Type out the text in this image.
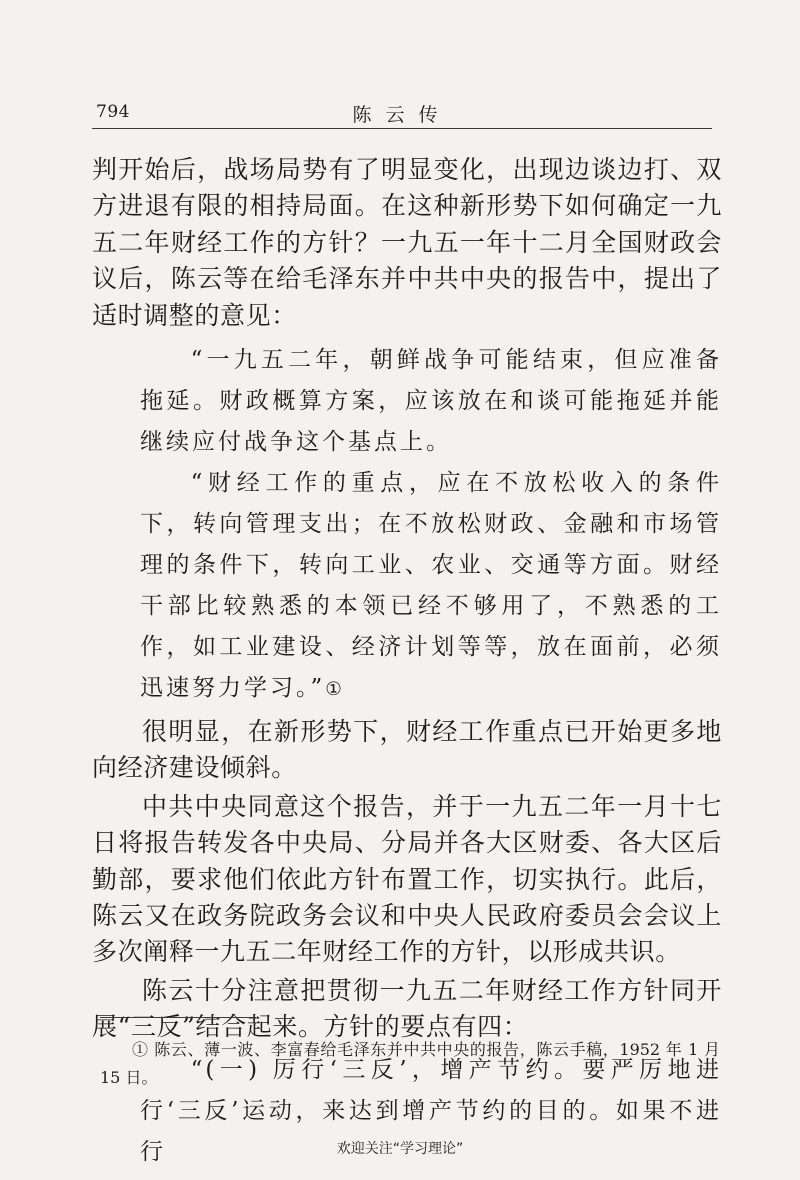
794	陈云传

判开始后，战场局势有了明显变化，出现边谈边打、双方进退有限的相持局面。在这种新形势下如何确定一九五二年财经工作的方针？一九五一年十二月全国财政会议后，陈云等在给毛泽东并中共中央的报告中，提出了适时调整的意见：

“一九五二年，朝鲜战争可能结束，但应准备拖延。财政概算方案，应该放在和谈可能拖延并能继续应付战争这个基点上。
“财经工作的重点，应在不放松收入的条件下，转向管理支出；在不放松财政、金融和市场管理的条件下，转向工业、农业、交通等方面。财经干部比较熟悉的本领已经不够用了，不熟悉的工作，如工业建设、经济计划等等，放在面前，必须迅速努力学习。”①

很明显，在新形势下，财经工作重点已开始更多地向经济建设倾斜。

中共中央同意这个报告，并于一九五二年一月十七日将报告转发各中央局、分局并各大区财委、各大区后勤部，要求他们依此方针布置工作，切实执行。此后，陈云又在政务院政务会议和中央人民政府委员会会议上多次阐释一九五二年财经工作的方针，以形成共识。

陈云十分注意把贯彻一九五二年财经工作方针同开展“三反”结合起来。方针的要点有四：

“(一) 厉行‘三反’，增产节约。要严厉地进行‘三反’运动，来达到增产节约的目的。如果不进行
① 陈云、薄一波、李富春给毛泽东并中共中央的报告，陈云手稿，1952 年 1 月 15 日。
欢迎关注“学习理论”
